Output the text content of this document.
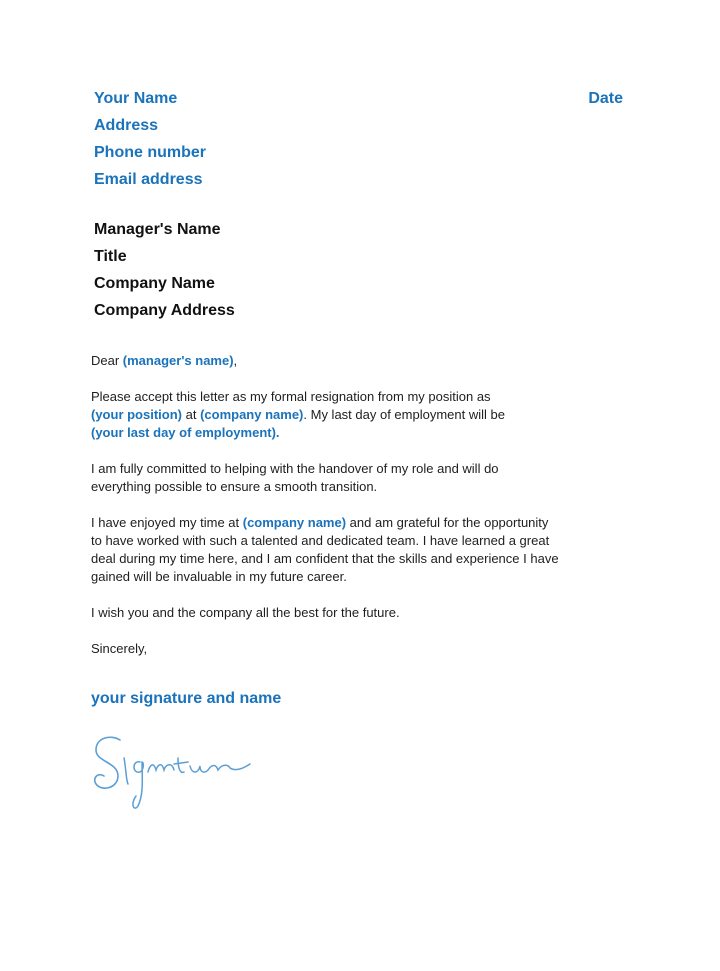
Your Name
Address
Phone number
Email address
Date
Manager's Name
Title
Company Name
Company Address

Dear (manager's name),

Please accept this letter as my formal resignation from my position as
(your position) at (company name). My last day of employment will be
(your last day of employment).

I am fully committed to helping with the handover of my role and will do
everything possible to ensure a smooth transition.

I have enjoyed my time at (company name) and am grateful for the opportunity
to have worked with such a talented and dedicated team. I have learned a great
deal during my time here, and I am confident that the skills and experience I have
gained will be invaluable in my future career.

I wish you and the company all the best for the future.

Sincerely,

your signature and name
